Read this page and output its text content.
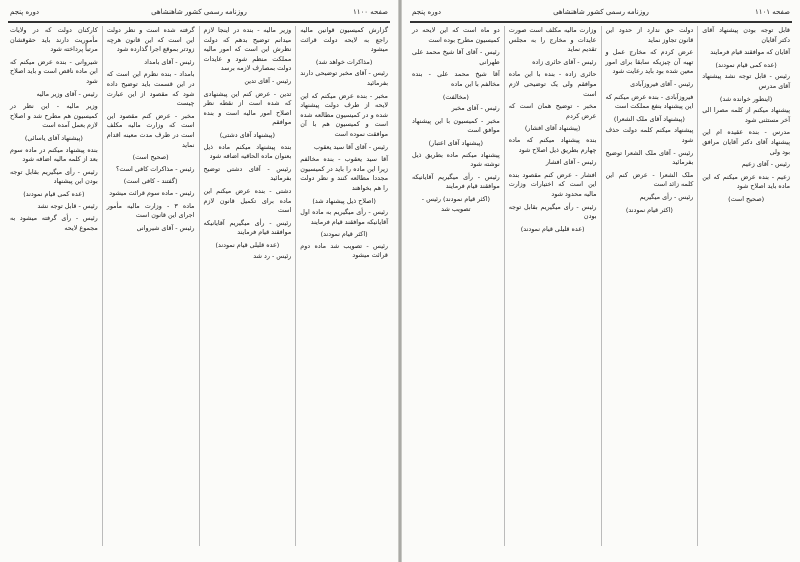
صفحه ۱۱۰۰
روزنامه رسمی کشور شاهنشاهی
دوره پنجم

گزارش کمیسیون قوانین مالیه راجع به لایحه دولت قرائت میشود

(مذاکرات خواهد شد)

رئیس - آقای مخبر توضیحی دارند بفرمائید

مخبر - بنده عرض میکنم که این لایحه از طرف دولت پیشنهاد شده و در کمیسیون مطالعه شده است و کمیسیون هم با آن موافقت نموده است

رئیس - آقای آقا سید یعقوب

آقا سید یعقوب - بنده مخالفم زیرا این ماده را باید در کمیسیون مجددا مطالعه کنند و نظر دولت را هم بخواهند

(اصلاح ذیل پیشنهاد شد)

رئیس - رأی میگیریم به ماده اول آقایانیکه موافقند قیام فرمایند

(اکثر قیام نمودند)

رئیس - تصویب شد ماده دوم قرائت میشود

وزیر مالیه - بنده در اینجا لازم میدانم توضیح بدهم که دولت نظرش این است که امور مالیه مملکت منظم شود و عایدات دولت بمصارف لازمه برسد

رئیس - آقای تدین

تدین - عرض کنم این پیشنهادی که شده است از نقطه نظر اصلاح امور مالیه است و بنده موافقم

(پیشنهاد آقای دشتی)

بنده پیشنهاد میکنم ماده ذیل بعنوان ماده الحاقیه اضافه شود

رئیس - آقای دشتی توضیح بفرمائید

دشتی - بنده عرض میکنم این ماده برای تکمیل قانون لازم است

رئیس - رأی میگیریم آقایانیکه موافقند قیام فرمایند

(عده قلیلی قیام نمودند)

رئیس - رد شد

گرفته شده است و نظر دولت این است که این قانون هرچه زودتر بموقع اجرا گذارده شود

رئیس - آقای بامداد

بامداد - بنده نظرم این است که در این قسمت باید توضیح داده شود که مقصود از این عبارت چیست

مخبر - عرض کنم مقصود این است که وزارت مالیه مکلف است در ظرف مدت معینه اقدام نماید

(صحیح است)

رئیس - مذاکرات کافی است؟

(گفتند - کافی است)

رئیس - ماده سوم قرائت میشود

ماده ۳ - وزارت مالیه مأمور اجرای این قانون است

رئیس - آقای شیروانی

کارکنان دولت که در ولایات مأموریت دارند باید حقوقشان مرتباً پرداخته شود

شیروانی - بنده عرض میکنم که این ماده ناقص است و باید اصلاح شود

رئیس - آقای وزیر مالیه

وزیر مالیه - این نظر در کمیسیون هم مطرح شد و اصلاح لازم بعمل آمده است

(پیشنهاد آقای یاسائی)

بنده پیشنهاد میکنم در ماده سوم بعد از کلمه مالیه اضافه شود

رئیس - رأی میگیریم بقابل توجه بودن این پیشنهاد

(عده کمی قیام نمودند)

رئیس - قابل توجه نشد

رئیس - رأی گرفته میشود به مجموع لایحه

صفحه ۱۱۰۱
روزنامه رسمی کشور شاهنشاهی
دوره پنجم

قابل توجه بودن پیشنهاد آقای دکتر آقایان

آقایان که موافقند قیام فرمایند

(عده کمی قیام نمودند)

رئیس - قابل توجه نشد پیشنهاد آقای مدرس

(اینطور خوانده شد)

پیشنهاد میکنم از کلمه مصرا الی آخر مستثنی شود

مدرس - بنده عقیده ام این پیشنهاد آقای دکتر آقایان مرافق بود ولی

رئیس - آقای زعیم

زعیم - بنده عرض میکنم که این ماده باید اصلاح شود

(صحیح است)

دولت حق ندارد از حدود این قانون تجاوز نماید

عرض کردم که مخارج عمل و تهیه آن چیزیکه سابقا برای امور معین شده بود باید رعایت شود

رئیس - آقای فیروزآبادی

فیروزآبادی - بنده عرض میکنم که این پیشنهاد بنفع مملکت است

(پیشنهاد آقای ملک الشعرا)

پیشنهاد میکنم کلمه دولت حذف شود

رئیس - آقای ملک الشعرا توضیح بفرمائید

ملک الشعرا - عرض کنم این کلمه زائد است

رئیس - رأی میگیریم

(اکثر قیام نمودند)

وزارت مالیه مکلف است صورت عایدات و مخارج را به مجلس تقدیم نماید

رئیس - آقای حائری زاده

حائری زاده - بنده با این ماده موافقم ولی یک توضیحی لازم است

مخبر - توضیح همان است که عرض کردم

(پیشنهاد آقای افشار)

بنده پیشنهاد میکنم که ماده چهارم بطریق ذیل اصلاح شود

رئیس - آقای افشار

افشار - عرض کنم مقصود بنده این است که اختیارات وزارت مالیه محدود شود

رئیس - رأی میگیریم بقابل توجه بودن

(عده قلیلی قیام نمودند)

دو ماه است که این لایحه در کمیسیون مطرح بوده است

رئیس - آقای آقا شیخ محمد علی طهرانی

آقا شیخ محمد علی - بنده مخالفم با این ماده

(مخالفت)

رئیس - آقای مخبر

مخبر - کمیسیون با این پیشنهاد موافق است

(پیشنهاد آقای اعتبار)

پیشنهاد میکنم ماده بطریق ذیل نوشته شود

رئیس - رأی میگیریم آقایانیکه موافقند قیام فرمایند

(اکثر قیام نمودند) رئیس - تصویب شد
